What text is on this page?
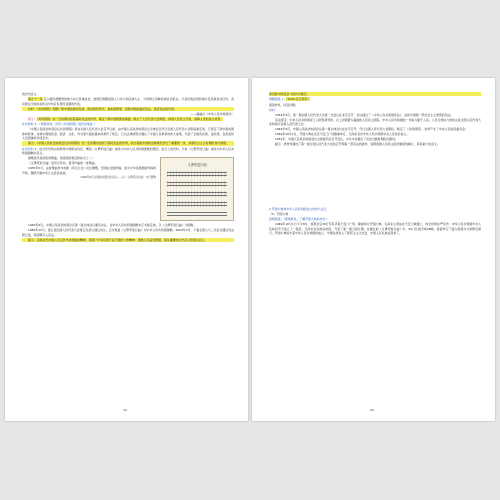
的历史意义。

第五十一条 各少数民族聚居的地方实行区域自治，按照民族聚居的人口多少和区域大小，分别建立各种民族自治机关。凡各民族杂居的地方及民族自治区内，各民族在当地政权机关中均应有相当名额的代表。

材料：《共同纲领》明确了新中国的国家性质、政权组织形式、基本国策等，是新中国的临时宪法，具有宪法的作用。

——摘编自《中华人民共和国史》

提示：《共同纲领》在一定时期内起着临时宪法的作用，奠定了新中国建国的基础；确立了人民代表大会制度，体现人民民主专政，保障人民的民主权利。

补充材料 3：（领悟材料，评价《共同纲领》的历史地位。）

《中国人民政治协商会议共同纲领》是在全国人民代表大会召开以前，由中国人民政治协商会议全体会议代行全国人民代表大会职权制定的，它规定了新中国的国体和政体，对新中国的政治、经济、文化、外交等方面的基本政策作了规定。它以法律的形式确认了中国人民革命的伟大成果，代表了全国各民族、各阶级、各党派和人民团体的共同意志。

提示：《中国人民政治协商会议共同纲领》在一定时期内起到了临时宪法的作用，标志着新中国的法制建设迈出了重要的一步，是新民主主义时期的伟大纲领。

补充材料 4：结合所学知识和教材中的相关内容，概括《义勇军进行曲》被选为中华人民共和国国歌的原因。结合上述材料，分析《义勇军进行曲》被选为中华人民共和国国歌的意义。

义勇军进行曲

国歌是代表国家的歌曲，是国家的象征和标志之一。

《义勇军进行曲》是田汉作词、聂耳作曲的一首歌曲。

1935年5月，这首歌曲作为电影《风云儿女》的主题歌，迅速在全国传唱，成为中华民族抵御外侮的号角，激励无数中华儿女投身抗战。

1949年9月全国政协通过的决议——以《义勇军进行曲》为代国歌

1949年9月，中国人民政治协商会议第一届全体会议通过决议，在中华人民共和国国歌未正式制定前，以《义勇军进行曲》为国歌。

1982年12月，第五届全国人民代表大会第五次会议通过决议，正式恢复《义勇军进行曲》为中华人民共和国国歌。2004年3月，十届全国人大二次会议通过宪法修正案，将国歌写入宪法。

提示：反映近代中国人民反抗外来侵略的精神，体现了中华民族不屈不挠的斗争精神；激励人民奋发图强，具有重要的历史意义和现实意义。

19

建设新中国而奋斗的历史篇章。

例题演练 1：（2020·北京高考）

阅读材料，回答问题。

材料：

1954年9月，第一届全国人民代表大会第一次会议在北京召开，会议通过了《中华人民共和国宪法》，这是中国第一部社会主义类型的宪法。

宪法规定：中华人民共和国是工人阶级领导的、以工农联盟为基础的人民民主国家。中华人民共和国的一切权力属于人民。人民行使权力的机关是全国人民代表大会和地方各级人民代表大会。

1949年9月，中国人民政治协商会议第一届全体会议在北平召开，代行全国人民代表大会职权，制定了《共同纲领》，选举产生了中央人民政府委员会。

1949年10月1日，开国大典在北京天安门广场隆重举行，毛泽东宣告中华人民共和国中央人民政府成立。

1952年，中国人民政治协商会议全国委员会召开会议，中共中央提出了党在过渡时期的总路线。

提示：此材料描述了第一届全国人民代表大会的召开和第一部宪法的颁布，说明我国人民民主政治制度的确立，具有重大的意义。

2 开国大典和中华人民共和国成立的伟大意义

（1）开国大典

视频阅读：（观察材料，了解开国大典的史实）

1949年10月1日下午3时，首都北京30万军民齐集天安门广场，隆重举行开国大典。毛泽东主席站在天安门城楼上，向全世界庄严宣告：中华人民共和国中央人民政府今天成立了！随后，毛泽东亲自按动电钮，升起了第一面五星红旗。在雄壮的《义勇军进行曲》中，54门礼炮齐鸣28响。接着举行了盛大的阅兵式和群众游行。开国大典标志着中华人民共和国的成立，中国从此进入了新民主主义社会，中国人民从此站起来了。

20
